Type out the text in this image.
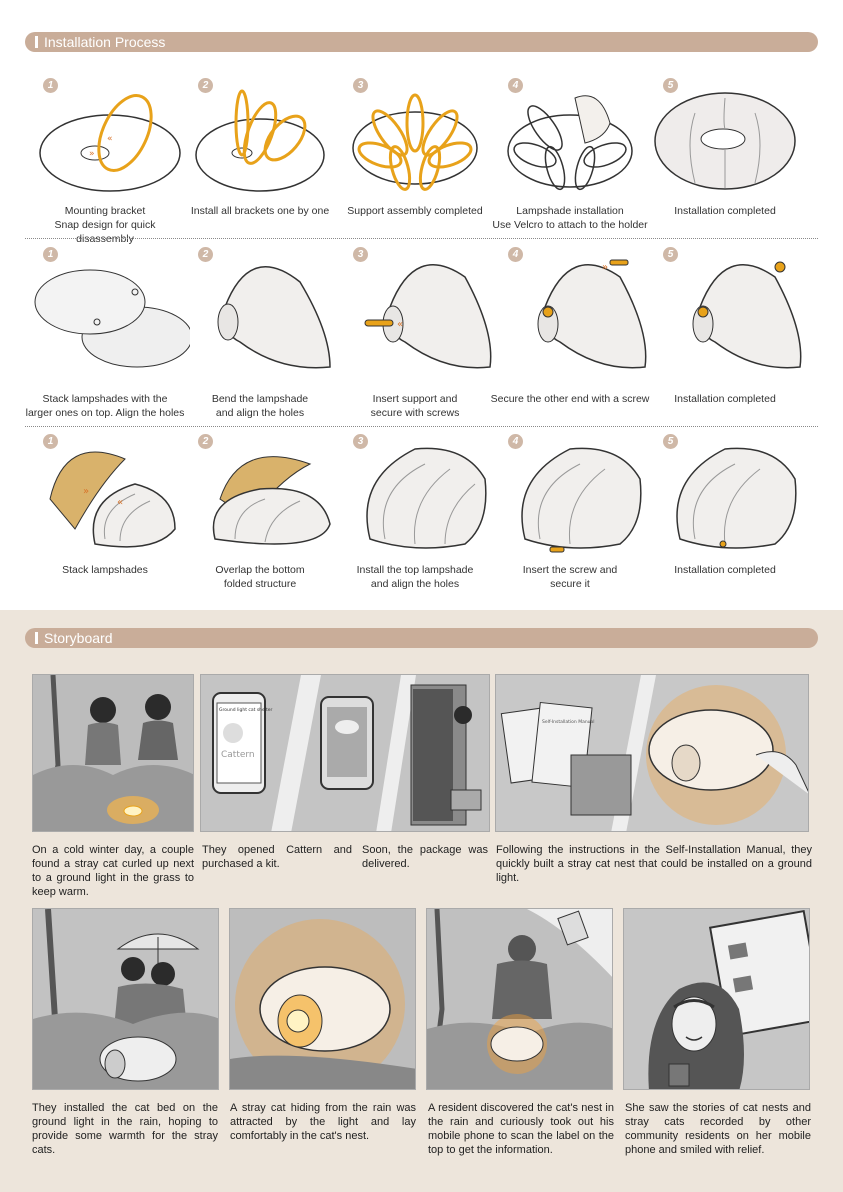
Installation Process
1
»
«
Mounting bracket
Snap design for quick disassembly
2
Install all brackets one by one
3
Support assembly completed
4
Lampshade installation
Use Velcro to attach to the holder
5
Installation completed
1
Stack lampshades with the
larger ones on top. Align the holes
2
Bend the lampshade
and align the holes
3
«
Insert support and
secure with screws
4
»
Secure the other end with a screw
5
Installation completed
1
»
«
Stack lampshades
2
Overlap the bottom
folded structure
3
Install the top lampshade
and align the holes
4
Insert the screw and
secure it
5
Installation completed
Storyboard
On a cold winter day, a couple found a stray cat curled up next to a ground light in the grass to keep warm.
Ground light cat shelter
Cattern
They opened Cattern and purchased a kit.
Soon, the package was delivered.
Self-Installation Manual
Following the instructions in the Self-Installation Manual, they quickly built a stray cat nest that could be installed on a ground light.
They installed the cat bed on the ground light in the rain, hoping to provide some warmth for the stray cats.
A stray cat hiding from the rain was attracted by the light and lay comfortably in the cat's nest.
A resident discovered the cat's nest in the rain and curiously took out his mobile phone to scan the label on the top to get the information.
She saw the stories of cat nests and stray cats recorded by other community residents on her mobile phone and smiled with relief.
